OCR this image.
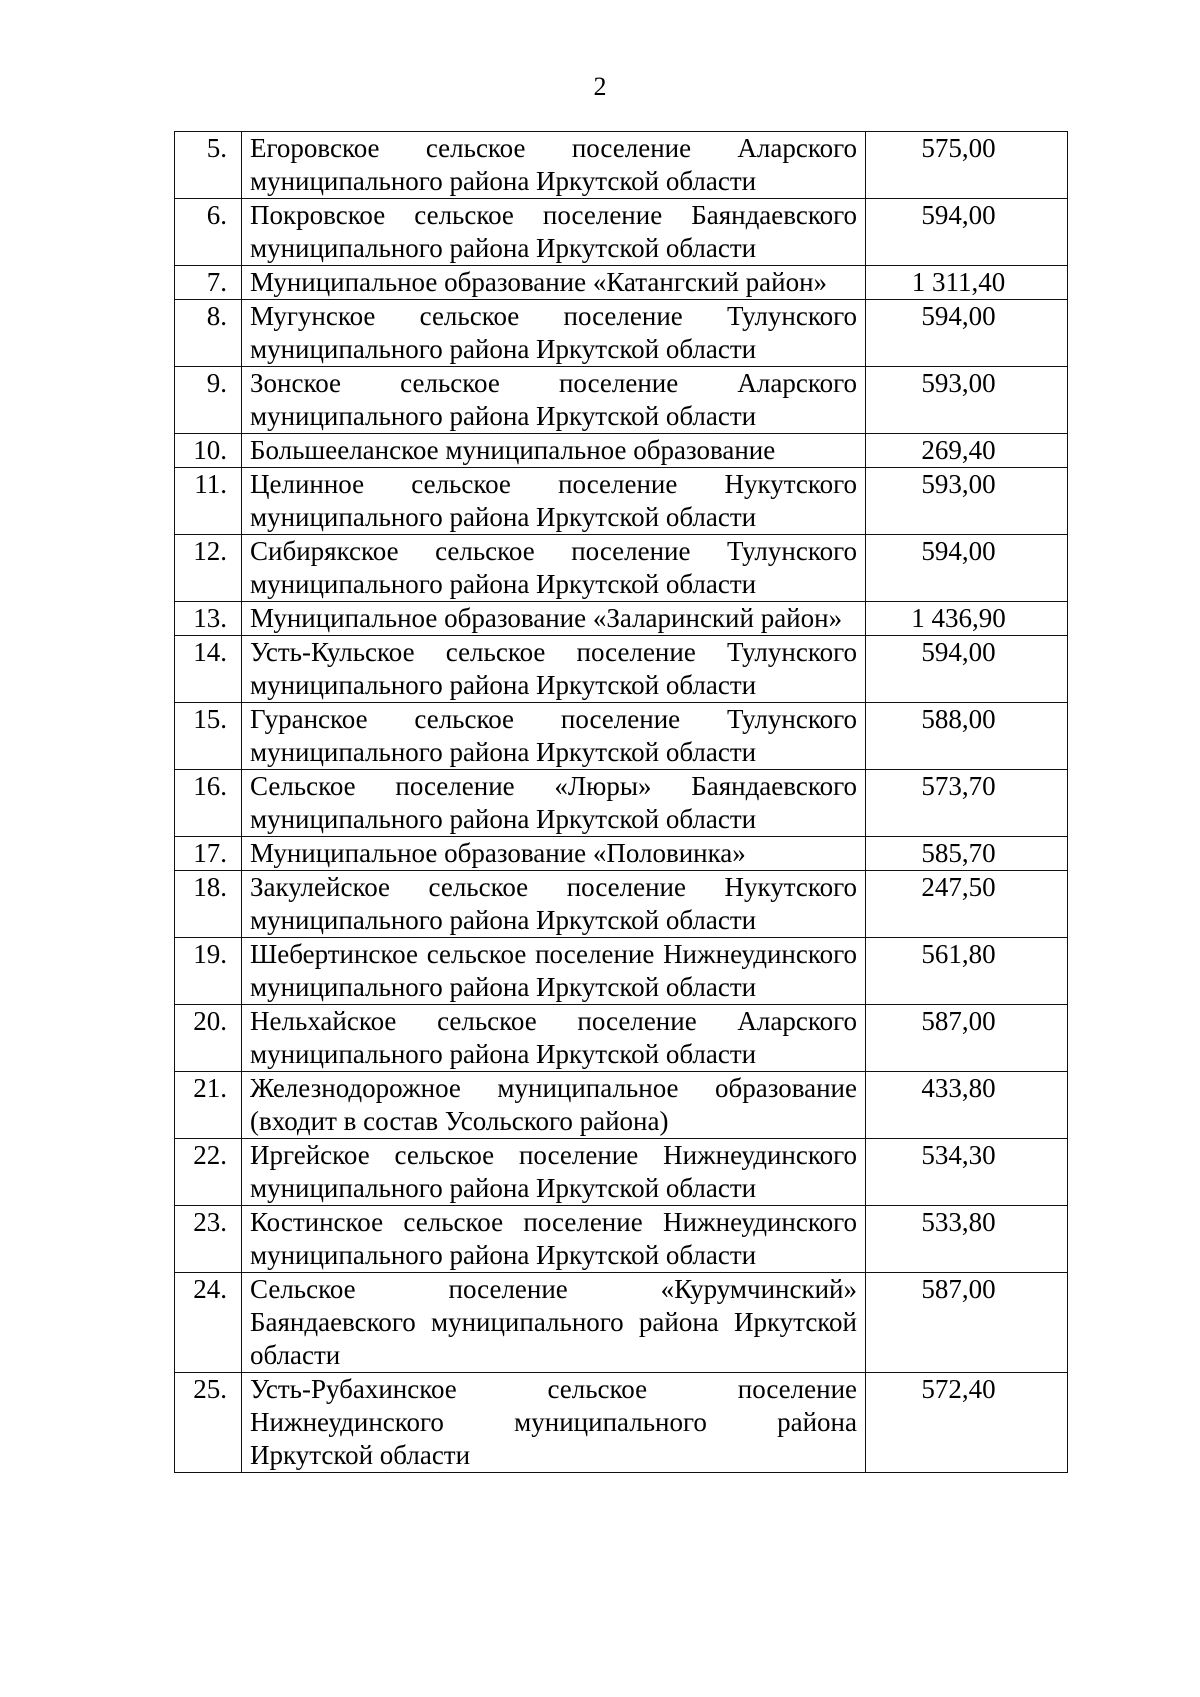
2
5.	Егоровское сельское поселение Аларского муниципального района Иркутской области	575,00
6.	Покровское сельское поселение Баяндаевского муниципального района Иркутской области	594,00
7.	Муниципальное образование «Катангский район»	1 311,40
8.	Мугунское сельское поселение Тулунского муниципального района Иркутской области	594,00
9.	Зонское сельское поселение Аларского муниципального района Иркутской области	593,00
10.	Большееланское муниципальное образование	269,40
11.	Целинное сельское поселение Нукутского муниципального района Иркутской области	593,00
12.	Сибирякское сельское поселение Тулунского муниципального района Иркутской области	594,00
13.	Муниципальное образование «Заларинский район»	1 436,90
14.	Усть-Кульское сельское поселение Тулунского муниципального района Иркутской области	594,00
15.	Гуранское сельское поселение Тулунского муниципального района Иркутской области	588,00
16.	Сельское поселение «Люры» Баяндаевского муниципального района Иркутской области	573,70
17.	Муниципальное образование «Половинка»	585,70
18.	Закулейское сельское поселение Нукутского муниципального района Иркутской области	247,50
19.	Шебертинское сельское поселение Нижнеудинского муниципального района Иркутской области	561,80
20.	Нельхайское сельское поселение Аларского муниципального района Иркутской области	587,00
21.	Железнодорожное муниципальное образование (входит в состав Усольского района)	433,80
22.	Иргейское сельское поселение Нижнеудинского муниципального района Иркутской области	534,30
23.	Костинское сельское поселение Нижнеудинского муниципального района Иркутской области	533,80
24.	Сельское поселение «Курумчинский» Баяндаевского муниципального района Иркутской области	587,00
25.	Усть-Рубахинское сельское поселение Нижнеудинского муниципального района Иркутской области	572,40
